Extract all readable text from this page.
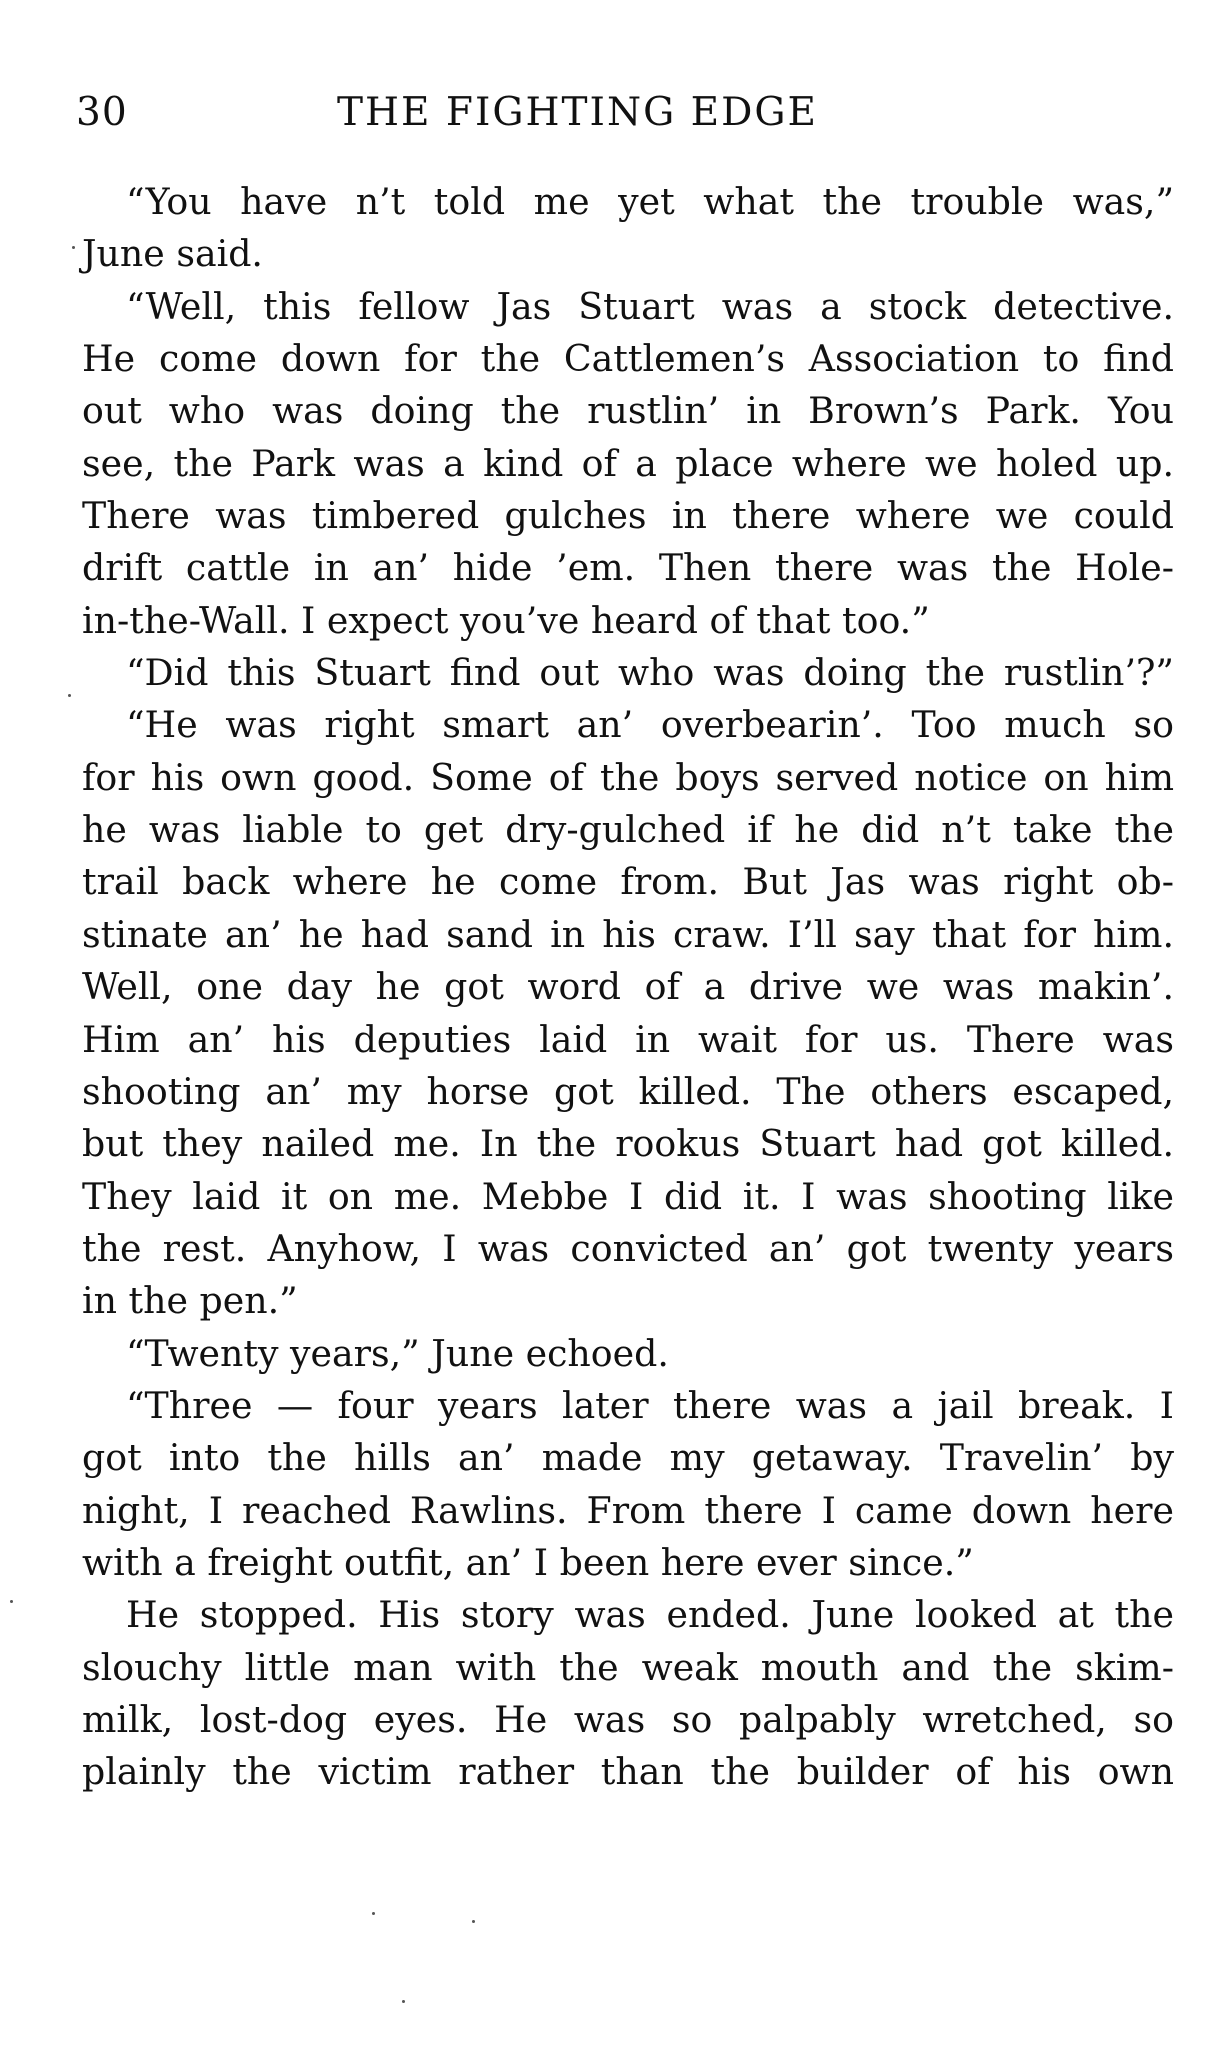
30	THE FIGHTING EDGE
“You have n’t told me yet what the trouble was,”
June said.
“Well, this fellow Jas Stuart was a stock detective.
He come down for the Cattlemen’s Association to find
out who was doing the rustlin’ in Brown’s Park. You
see, the Park was a kind of a place where we holed up.
There was timbered gulches in there where we could
drift cattle in an’ hide ’em. Then there was the Hole-
in-the-Wall. I expect you’ve heard of that too.”
“Did this Stuart find out who was doing the rustlin’?”
“He was right smart an’ overbearin’. Too much so
for his own good. Some of the boys served notice on him
he was liable to get dry-gulched if he did n’t take the
trail back where he come from. But Jas was right ob-
stinate an’ he had sand in his craw. I’ll say that for him.
Well, one day he got word of a drive we was makin’.
Him an’ his deputies laid in wait for us. There was
shooting an’ my horse got killed. The others escaped,
but they nailed me. In the rookus Stuart had got killed.
They laid it on me. Mebbe I did it. I was shooting like
the rest. Anyhow, I was convicted an’ got twenty years
in the pen.”
“Twenty years,” June echoed.
“Three — four years later there was a jail break. I
got into the hills an’ made my getaway. Travelin’ by
night, I reached Rawlins. From there I came down here
with a freight outfit, an’ I been here ever since.”
He stopped. His story was ended. June looked at the
slouchy little man with the weak mouth and the skim-
milk, lost-dog eyes. He was so palpably wretched, so
plainly the victim rather than the builder of his own
